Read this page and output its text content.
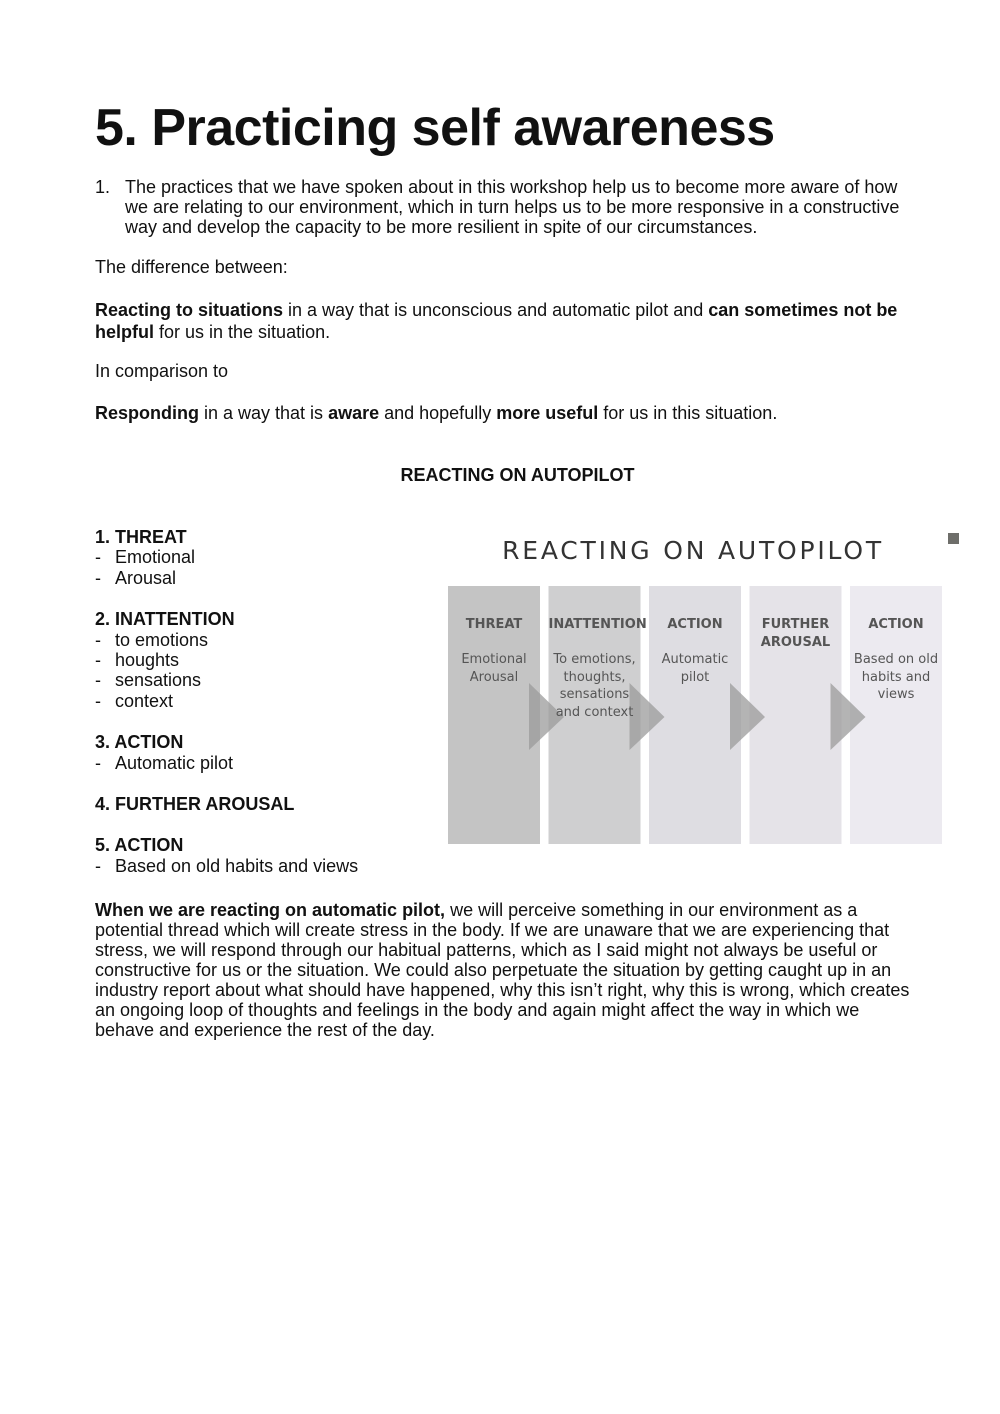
5. Practicing self awareness
1. The practices that we have spoken about in this workshop help us to become more aware of how we are relating to our environment, which in turn helps us to be more responsive in a constructive way and develop the capacity to be more resilient in spite of our circumstances.

The difference between:

Reacting to situations in a way that is unconscious and automatic pilot and can sometimes not be helpful for us in the situation.

In comparison to

Responding in a way that is aware and hopefully more useful for us in this situation.

REACTING ON AUTOPILOT
1. THREAT
- Emotional
- Arousal
2. INATTENTION
- to emotions
- houghts
- sensations
- context
3. ACTION
- Automatic pilot
4. FURTHER AROUSAL
5. ACTION
- Based on old habits and views
REACTING ON AUTOPILOT
THREAT
Emotional
Arousal
INATTENTION
To emotions,
thoughts,
sensations
and context
ACTION
Automatic
pilot
FURTHER
AROUSAL
ACTION
Based on old
habits and
views

When we are reacting on automatic pilot, we will perceive something in our environment as a potential thread which will create stress in the body. If we are unaware that we are experiencing that stress, we will respond through our habitual patterns, which as I said might not always be useful or constructive for us or the situation. We could also perpetuate the situation by getting caught up in an industry report about what should have happened, why this isn’t right, why this is wrong, which creates an ongoing loop of thoughts and feelings in the body and again might affect the way in which we behave and experience the rest of the day.
